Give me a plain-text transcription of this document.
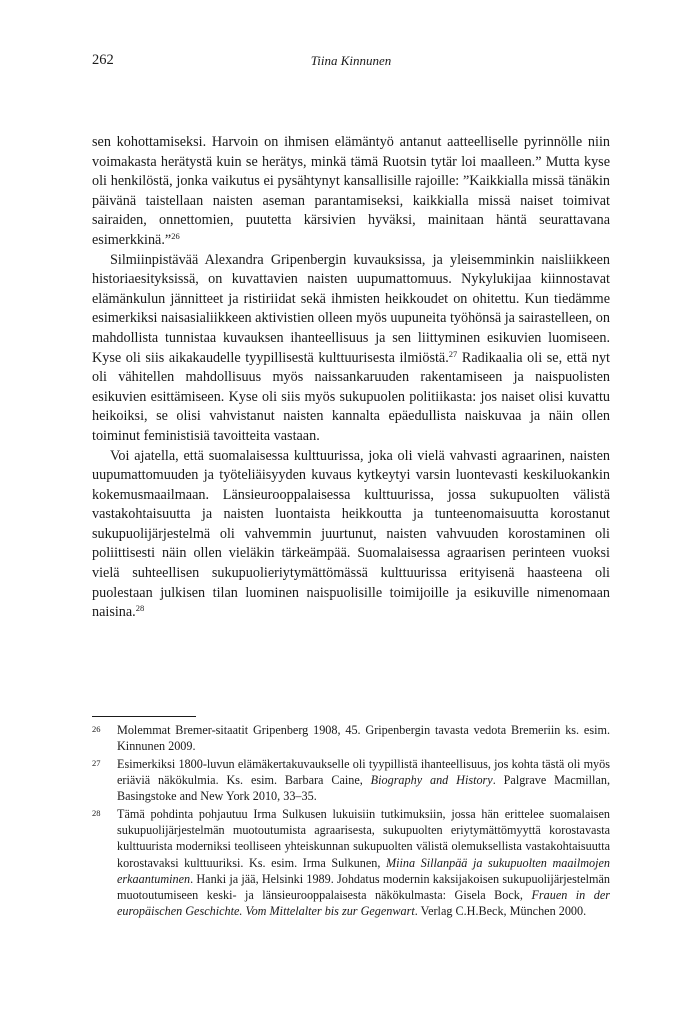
262	Tiina Kinnunen

sen kohottamiseksi. Harvoin on ihmisen elämäntyö antanut aatteelliselle pyrinnölle niin voimakasta herätystä kuin se herätys, minkä tämä Ruotsin tytär loi maalleen.” Mutta kyse oli henkilöstä, jonka vaikutus ei pysähtynyt kansallisille rajoille: ”Kaikkialla missä tänäkin päivänä taistellaan naisten aseman parantamiseksi, kaikkialla missä naiset toimivat sairaiden, onnettomien, puutetta kärsivien hyväksi, mainitaan häntä seurattavana esimerkkinä.”$^{26}$

Silmiinpistävää Alexandra Gripenbergin kuvauksissa, ja yleisemminkin naisliikkeen historiaesityksissä, on kuvattavien naisten uupumattomuus. Nykylukijaa kiinnostavat elämänkulun jännitteet ja ristiriidat sekä ihmisten heikkoudet on ohitettu. Kun tiedämme esimerkiksi naisasialiikkeen aktivistien olleen myös uupuneita työhönsä ja sairastelleen, on mahdollista tunnistaa kuvauksen ihanteellisuus ja sen liittyminen esikuvien luomiseen. Kyse oli siis aikakaudelle tyypillisestä kulttuurisesta ilmiöstä.$^{27}$ Radikaalia oli se, että nyt oli vähitellen mahdollisuus myös naissankaruuden rakentamiseen ja naispuolisten esikuvien esittämiseen. Kyse oli siis myös sukupuolen politiikasta: jos naiset olisi kuvattu heikoiksi, se olisi vahvistanut naisten kannalta epäedullista naiskuvaa ja näin ollen toiminut feministisiä tavoitteita vastaan.

Voi ajatella, että suomalaisessa kulttuurissa, joka oli vielä vahvasti agraarinen, naisten uupumattomuuden ja työteliäisyyden kuvaus kytkeytyi varsin luontevasti keskiluokankin kokemusmaailmaan. Länsieurooppalaisessa kulttuurissa, jossa sukupuolten välistä vastakohtaisuutta ja naisten luontaista heikkoutta ja tunteenomaisuutta korostanut sukupuolijärjestelmä oli vahvemmin juurtunut, naisten vahvuuden korostaminen oli poliittisesti näin ollen vieläkin tärkeämpää. Suomalaisessa agraarisen perinteen vuoksi vielä suhteellisen sukupuolieriytymättömässä kulttuurissa erityisenä haasteena oli puolestaan julkisen tilan luominen naispuolisille toimijoille ja esikuville nimenomaan naisina.$^{28}$

26 Molemmat Bremer-sitaatit Gripenberg 1908, 45. Gripenbergin tavasta vedota Bremeriin ks. esim. Kinnunen 2009.
27 Esimerkiksi 1800-luvun elämäkertakuvaukselle oli tyypillistä ihanteellisuus, jos kohta tästä oli myös eriäviä näkökulmia. Ks. esim. Barbara Caine, Biography and History. Palgrave Macmillan, Basingstoke and New York 2010, 33–35.
28 Tämä pohdinta pohjautuu Irma Sulkusen lukuisiin tutkimuksiin, jossa hän erittelee suomalaisen sukupuolijärjestelmän muotoutumista agraarisesta, sukupuolten eriytymättömyyttä korostavasta kulttuurista moderniksi teolliseen yhteiskunnan sukupuolten välistä olemuksellista vastakohtaisuutta korostavaksi kulttuuriksi. Ks. esim. Irma Sulkunen, Miina Sillanpää ja sukupuolten maailmojen erkaantuminen. Hanki ja jää, Helsinki 1989. Johdatus modernin kaksijakoisen sukupuolijärjestelmän muotoutumiseen keski- ja länsieurooppalaisesta näkökulmasta: Gisela Bock, Frauen in der europäischen Geschichte. Vom Mittelalter bis zur Gegenwart. Verlag C.H.Beck, München 2000.
